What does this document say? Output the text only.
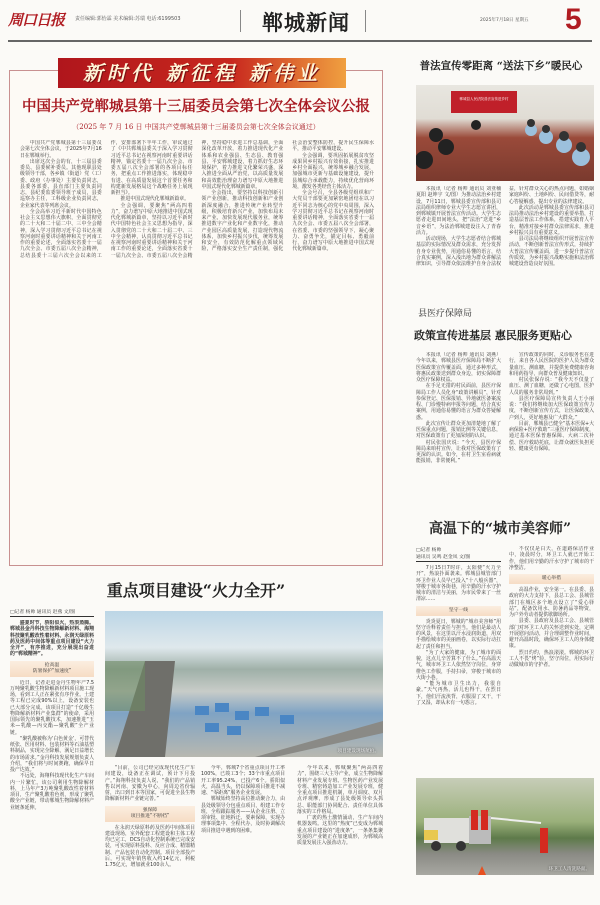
周口日报 责任编辑:郭怡霖 美术编辑:苏瑞 电话:6199503	郸城新闻	2025年7月18日 星期五 5
新时代 新征程 新伟业
中国共产党郸城县第十三届委员会第七次全体会议公报
（2025 年 7 月 16 日 中国共产党郸城县第十三届委员会第七次全体会议通过）

中国共产党郸城县第十三届委员会第七次全体会议，于2025年7月16日在郸城举行。

出席这次全会的有，十三届县委委员、县委候补委员。其他现职县处级领导干部，各乡镇（街道）党（工）委、政府（办事处）主要负责同志，县委各部委、县直部门主要负责同志，县纪委监委领导班子成员，县委巡察办主任，工科级企业负责同志，企业家代表等列席会议。

全会高举习近平新时代中国特色社会主义思想伟大旗帜，全面贯彻党的二十大和二十届二中、三中全会精神，深入学习贯彻习近平总书记在视察河南时重要讲话精神和关于河南工作的重要论述，全面落实省委十一届九次全会、市委五届八次全会精神，总结县委十三届六次全会以来的工作，安排部署下半年工作，审议通过了《中共郸城县委关于深入学习贯彻习近平总书记在视察河南时重要讲话精神，锚定省委十一届九次全会、市委五届八次全会部署的各项目标任务，把重点工作推进落实，体现稳中有进、在高质量发展这个首要任务和构建新发展格局这个战略任务上展现新担当》。

推进中国式现代化郸城新篇章。

全会强调，要聚焦“两高四着力”，奋力谱写中原大地推进中国式现代化郸城新篇章，坚持以习近平新时代中国特色社会主义思想为指导，深入贯彻党的二十大和二十届二中、三中全会精神，认真贯彻习近平总书记在视察河南时重要讲话精神和关于河南工作的重要论述，全面落实省委十一届九次全会、市委五届八次全会精神，坚持稳中求进工作总基调，全面深化改革开放，着力推进现代化产业体系和农业强县、生态县、教育强县、平安郸城建设，着力抓好生态环境保护，着力推进文化繁荣兴盛，深入推进全面从严治党，以高质量发展和高效能治理奋力谱写中原大地推进中国式现代化郸城新篇章。

全会指出，要坚持以科技创新引领产业创新，推动科技创新和产业创新深度融合，推进传统产业转型升级，积极培育新兴产业，加快布局未来产业，加快发展现代服务业，统筹推进数字产业化和产业数字化，推动产业园区高质量发展，打造现代物流体系，加快乡村振兴步伐，统筹发展和安全，有效防范化解重点领域风险，严格落实安全生产责任制，强化社会治安整体防控，提升民生保障水平，推动平安郸城建设。

全会强调，要巩固拓展脱贫攻坚成果同乡村振兴有效衔接，扎实推进乡村全面振兴，统筹城乡融合发展，加强城市更新与基础设施建设，提升县城综合承载能力，持续优化营商环境，激发各类经营主体活力。

全会号召，全县各级党组织和广大党员干部要更加紧密地团结在以习近平同志为核心的党中央周围，深入学习贯彻习近平总书记在视察河南时重要讲话精神，全面落实省委十一届九次全会、市委五届八次全会部署，在省委、市委的坚强领导下，凝心聚力、奋勇争先，锚定目标、勇毅前行，奋力谱写中原大地推进中国式现代化郸城新篇章。

重点项目建设“火力全开”
□记者 杨帅 通讯员 赵燕 文/图

盛夏时节，骄阳似火，热浪蒸腾。郸城县金丹科技生物降解新材料、海翔科技聚乳酸改性着材料、永润天绿原料药及医药中间体等重点项目建设“火力全开”，有序推进，充分展现出奋进的“郸城精神”。

抢高温
防暑保护“加速度”

近日，记者走进金丹生物年产7.5万吨聚乳酸生物降解新材料项目施工现场，看到工人正在紧张有序作业。土建等工程已完成90%以上，设备安装也已大部分完成。该项目打造“千亿级生物降解新材料产业集群”的使命，采用国际领先的聚乳酸技术，加速推进“玉米—乳酸—丙交酯—聚乳酸”全产业链。

“聚乳酸被称为‘白色黄金’，可替代纸张、医用材料、包装材料等石油基塑料制品，实现完全降解，满足日益增长的市场需求。”金丹科技发展规划负责人介绍，“我们将与时间赛跑，确保早日投产达效。”

不远处，海翔科技现代化生产车间内一片繁忙。该公司利用生物降解材料，上马年产3万吨聚乳酸改性着材料项目，生产聚乳酸着色剂，形成了聚乳酸全产业链，带动郸城生物降解材料产业链条延伸。

项目建设现场航拍。

“目前，公司已经完成现代化生产车间建设，设备正在调试，预计下月投产。”海翔科技负责人说，“我们的产品销售以河南、安徽为中心，向周边省份辐射，出口到日本等国家，可促进全县生物降解新材料产业链完善。”

强保障
项目推进“不断档”

在永润天绿原料药及医药中间体项目建设现场，室外配套工程建设和主体工程均已完工，DCS自动化控制系统已完成安装，可实现原料投料、反应合成、精馏精制、产品包装自动化控制。项目全部投产后，可实现年销售收入约14亿元，利税1.75亿元，增加就业100余人。

今年，郸城7个省重点项目开工率100%，已竣工3个；33个市重点项目开工率95.24%，已投产6个。骄阳似火，高温当头，仍以保障项目推进不减速、“零距离”服务企业发展。

郸城始终坚持高位推动聚合力，由县处级领导分包重点项目，组建工作专班，全程跟踪服务——从企业注册、立项审批、征地拆迁、要素保障，实现办理事项集中、全程代办，及时协调解决项目推进中遇到的困难。

今年以来，郸城聚焦“两高四着力”，围绕三大主导产业，成立生物降解材料产业发展专班、生物医药产业发展专班、精密铸造加工产业发展专班，健全重点项目推进机制，单月调度、双月点评观摩，形成了县处级领导牵头抓总、职能部门协同配合、责任单位具体落实的工作格局。

广袤的热土激情涌动，生产车间内机器轰鸣。这里的“热度”已变成为郸城重点项目建设的“进度条”，一条条集聚发展的产业链正在加速成形，为郸城高质量发展注入强劲动力。

普法宣传零距离 “送法下乡”暖民心
郸城县人民法院普法宣传进乡村

本报讯（记者 杨帅 通讯员 刘亚楠 夏阳 赵坤宇 文/图）为推动法治乡村建设，7月11日，郸城县委宣传部和县司法局组织律师专业大学生志愿宣讲团，到郸城镇开展普法宣传活动。大学生志愿者走进田间地头，把“法治”送进“乡音乡语”，为法治郸城建设注入了青春活力。

活动现场，大学生志愿者结合郸城基层的实际情况及群众需求，充分发挥自身专业优势，用通俗易懂的语言，结合真实案例，深入浅出地为群众讲解法律知识，引导群众依法维护自身合法权益，针对群众关心的热点问题，如婚姻家庭纠纷、土地纠纷、民间借贷等，耐心答疑解惑，提出专业的法律建议。

此次活动是郸城县委宣传部和县司法局推动法治乡村建设的重要举措，打造基层普法工作体系，搭建实践育人平台，精准对接乡村群众法律需求，推进乡村振兴具有重要意义。

县司法局将继续组织开展普法宣传活动，不断创新普法宣传形式，持续扩大普法宣传覆盖面，进一步提升普法宣传质效，为乡村振兴战略实施和法治郸城建设营造良好氛围。

县医疗保障局
政策宣传进基层 惠民服务更贴心

本报讯（记者 杨帅 通讯员 刘燕）今年以来，郸城县医疗保障局不断扩大医保政策宣传覆盖面，通过多种形式，将惠民政策送到群众身边，切实保障群众医疗保障权益。

在手足无措的村民面前，县医疗保障局工作人员化身“政策讲解员”，针对参保登记、医保报销、异地就医备案流程、门诊慢特病申报等问题，结合真实案例，用通俗易懂的语言为群众答疑解惑。

此次宣传让群众更加清楚地了解了医保重点问题，报销比例等关键信息，对医保政策有了更加深刻的认识。

村民张国庆说：“今天，县医疗保障局来咱村宣传，让我对医保政策有了更深的认识。如今，在村卫生室看病就能报销，非常便利。”

宣传政策的同时，义诊服务也在进行，来自各人民医院的医护人员为群众量血压、测血糖，并提供免费健康咨询和用药指导，向群众普及健康知识。

村民张保存说：“我今天不仅量了血压、测了血糖，还做了心电图，医护人员的服务非常周到。”

县医疗保障局宣传负责人王小丽说：“我们将继续加大医保政策宣传力度，不断创新宣传方式，让医保政策入户到人，更好地惠及广大群众。”

目前，郸城县已健全“基本医保+大病保险+医疗救助”三重医疗保障制度，通过基本医保普惠保障、大病二次补偿、医疗救助托底，让群众就医负担更轻、健康更有保障。

高温下的“城市美容师”
□记者 杨帅
通讯员 吴鸣 赵金凤 文/图

7月15日7时许，太阳便“火力全开”，热浪扑面袭来。郸城县城管部门环卫作业人员早已投入“十八般兵器”，穿梭于城市各街巷，用辛勤的汗水守护城市的清洁与美丽，为市民带来了一丝清凉……

坚守一线

炎炎夏日，郸城的“城市美容师”用坚守诠释着责任与担当。他们是最动人的风景，在这里以汗水浸润街道，用双手描绘城市的美丽画卷，以实际行动扛起了责任和担当。

“为了大家的健康，为了城市的面貌，这点儿辛苦算不了什么。”在高温天气，城市环卫工人依然坚守岗位，身穿橙色工作服，手持扫帚，穿梭于城市的大街小巷。

“能为城市卫生出力，我很自豪。”天气再热，活儿也得干，在烈日下，他们汗流浃背，衣服湿了又干，干了又湿，却从未有一句怨言。

不仅仅是白天，在道路保洁作业中，凌晨时分，环卫工人就已开始工作，他们用辛勤的汗水守护了城市的干净整洁。

暖心举措

高温作业，安全第一。在县委、县政府的大力支持下，县总工会、县城管部门在城区多个地点设立了“爱心驿站”，配备饮用水、防暑药品等物资，为户外劳动者提供歇脚场所。

县委、县政府及县总工会、县城管部门对环卫工人的关怀送到实处，定期开展慰问活动，并合理调整作业时间，避开高温时段，确保环卫工人的身体健康。

烈日灼灼，热浪滚滚。郸城的环卫工人不畏“烤”验，坚守岗位，用实际行动做城市的守护者。

环卫工人清洗路面。
